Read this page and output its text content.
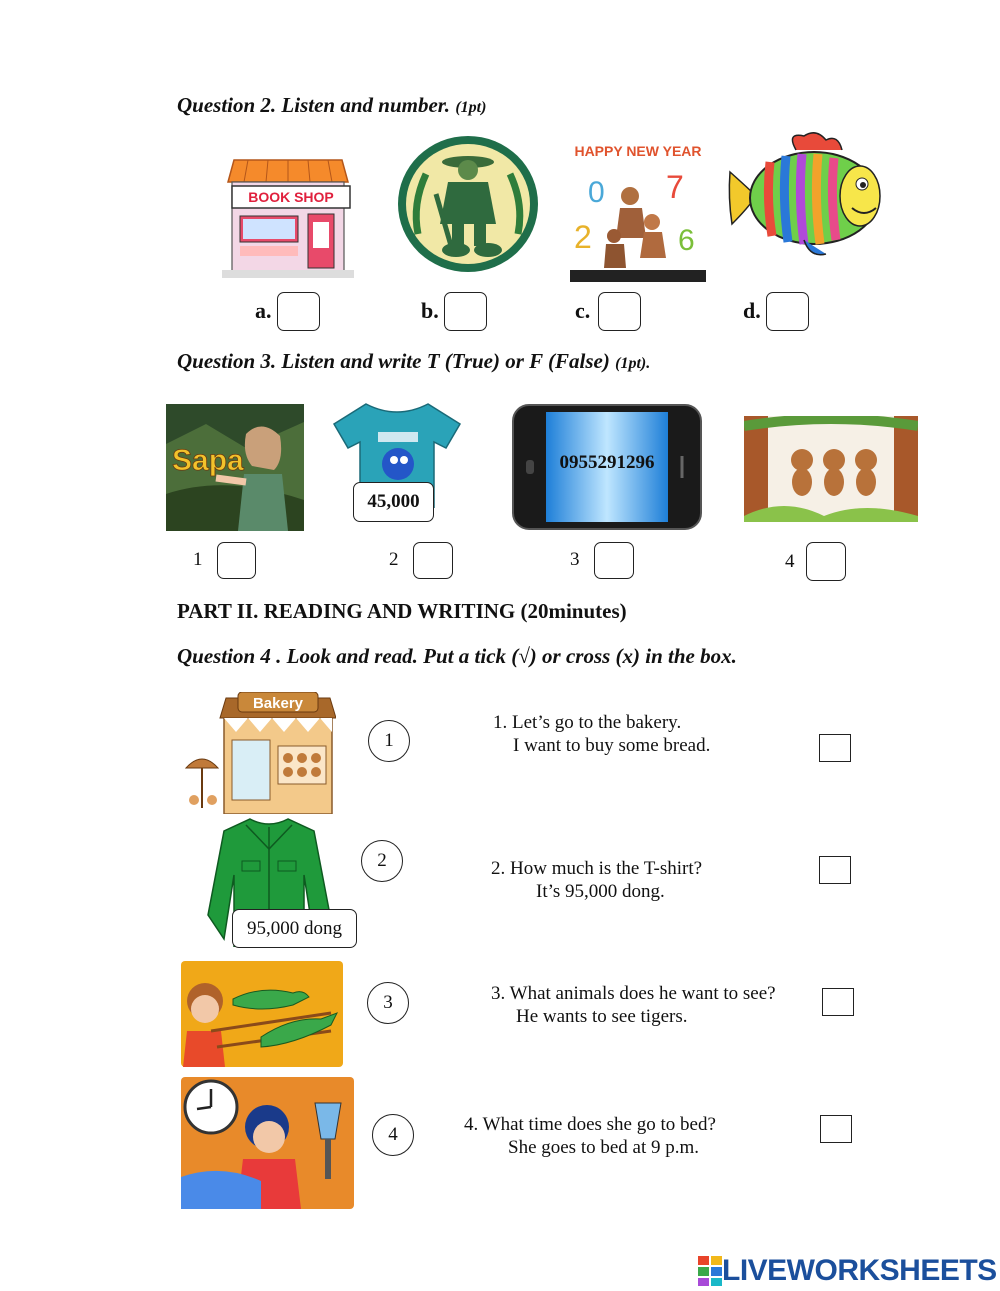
Question 2. Listen and number. (1pt)
BOOK SHOP
HAPPY NEW YEAR
0 7
2	6
a.	b.	c.	d.
Question 3. Listen and write T (True) or F (False) (1pt).
Sapa
45,000
0955291296
1	2	3	4
PART II. READING AND WRITING (20minutes)
Question 4 . Look and read. Put a tick (√) or cross (x) in the box.
Bakery
95,000 dong
1
2
3
4
1. Let’s go to the bakery.
I want to buy some bread.
2. How much is the T-shirt?
It’s 95,000 dong.
3. What animals does he want to see?
He wants to see tigers.
4. What time does she go to bed?
She goes to bed at 9 p.m.
LIVEWORKSHEETS
